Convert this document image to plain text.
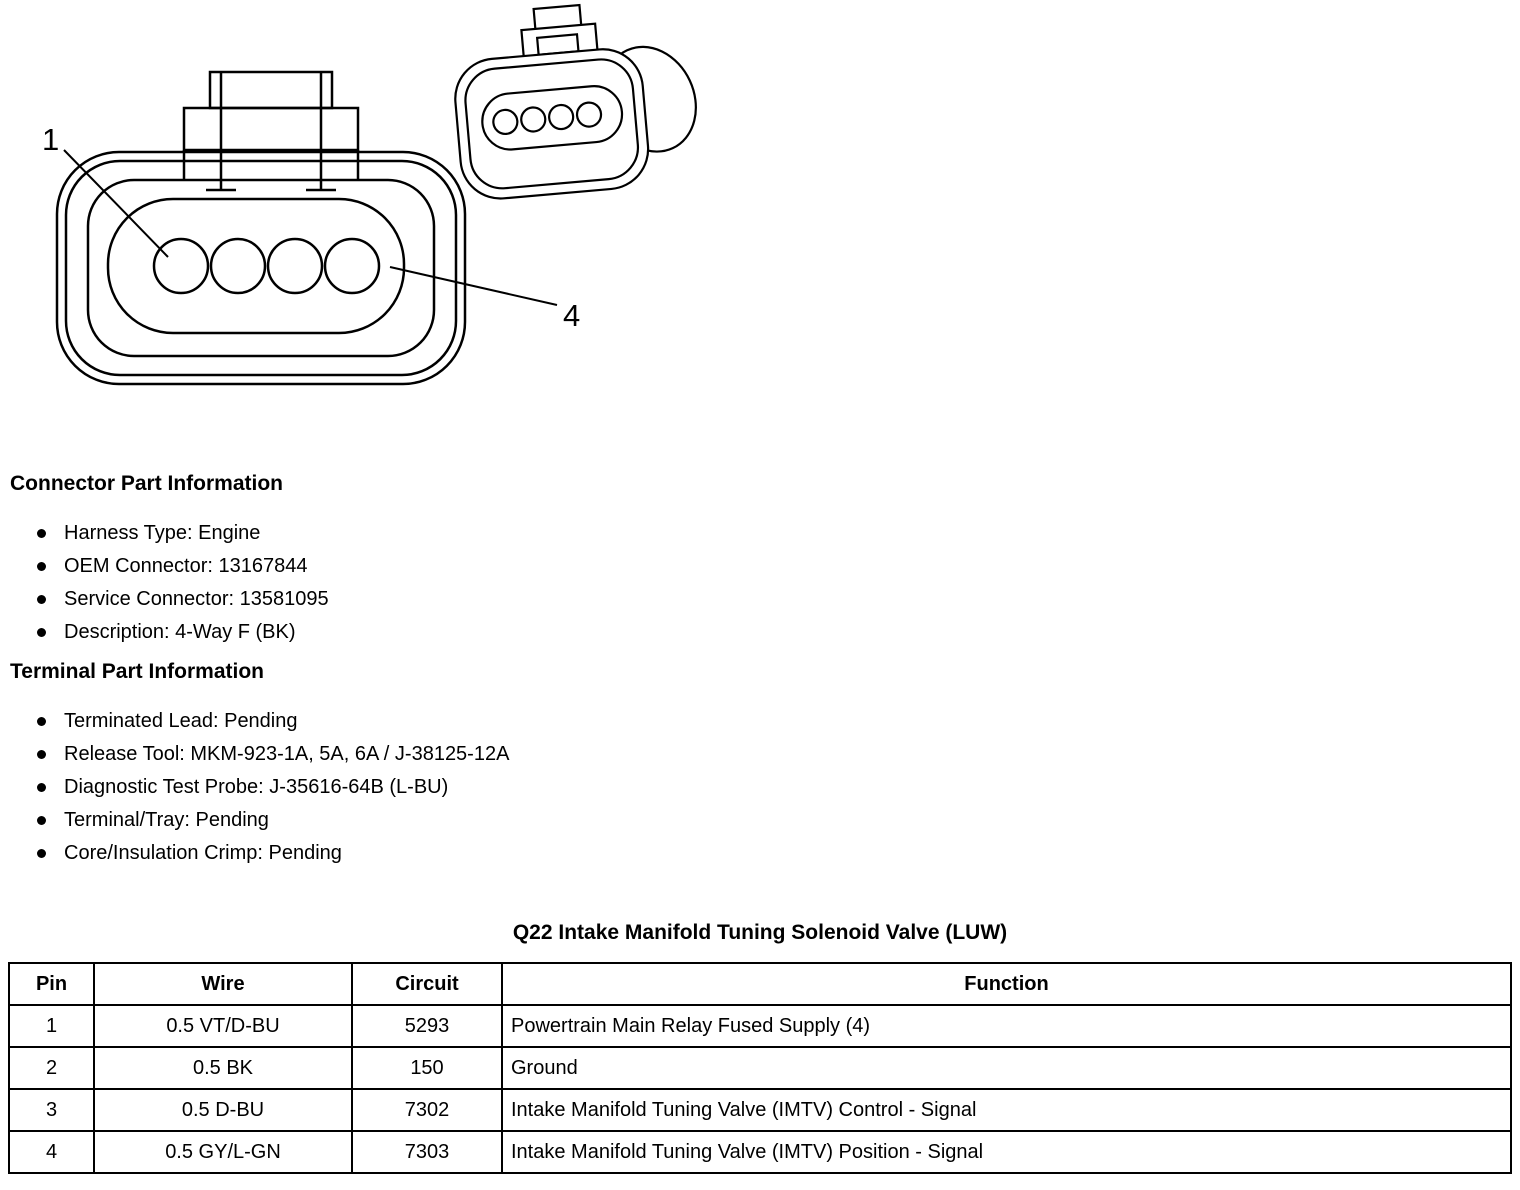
1
4
Connector Part Information
Harness Type: Engine
OEM Connector: 13167844
Service Connector: 13581095
Description: 4-Way F (BK)
Terminal Part Information
Terminated Lead: Pending
Release Tool: MKM-923-1A, 5A, 6A / J-38125-12A
Diagnostic Test Probe: J-35616-64B (L-BU)
Terminal/Tray: Pending
Core/Insulation Crimp: Pending
Q22 Intake Manifold Tuning Solenoid Valve (LUW)
Pin	Wire	Circuit	Function
1	0.5 VT/D-BU	5293	Powertrain Main Relay Fused Supply (4)
2	0.5 BK	150	Ground
3	0.5 D-BU	7302	Intake Manifold Tuning Valve (IMTV) Control - Signal
4	0.5 GY/L-GN	7303	Intake Manifold Tuning Valve (IMTV) Position - Signal
